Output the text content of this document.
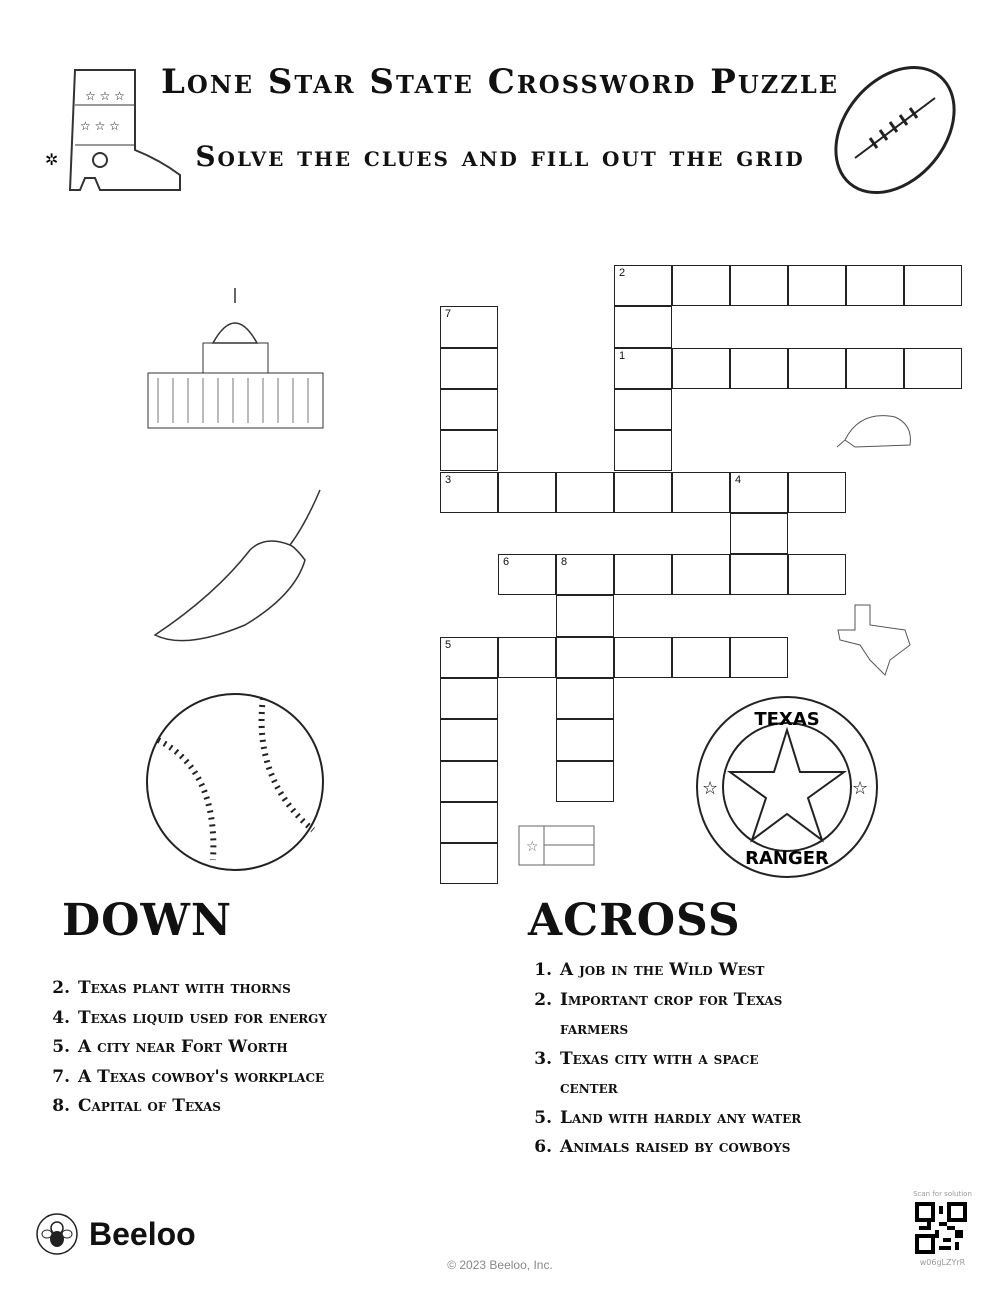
Lone Star State Crossword Puzzle
Solve the clues and fill out the grid
☆ ☆ ☆
☆ ☆ ☆
✲
☆
TEXAS
RANGER
☆	☆
1
2
3	4
5
6	8
7
DOWN
2. Texas plant with thorns
4. Texas liquid used for energy
5. A city near Fort Worth
7. A Texas cowboy's workplace
8. Capital of Texas
ACROSS
1. A job in the Wild West
2. Important crop for Texas farmers
3. Texas city with a space center
5. Land with hardly any water
6. Animals raised by cowboys
Beeloo
© 2023 Beeloo, Inc.
Scan for solution
w06gLZYrR
